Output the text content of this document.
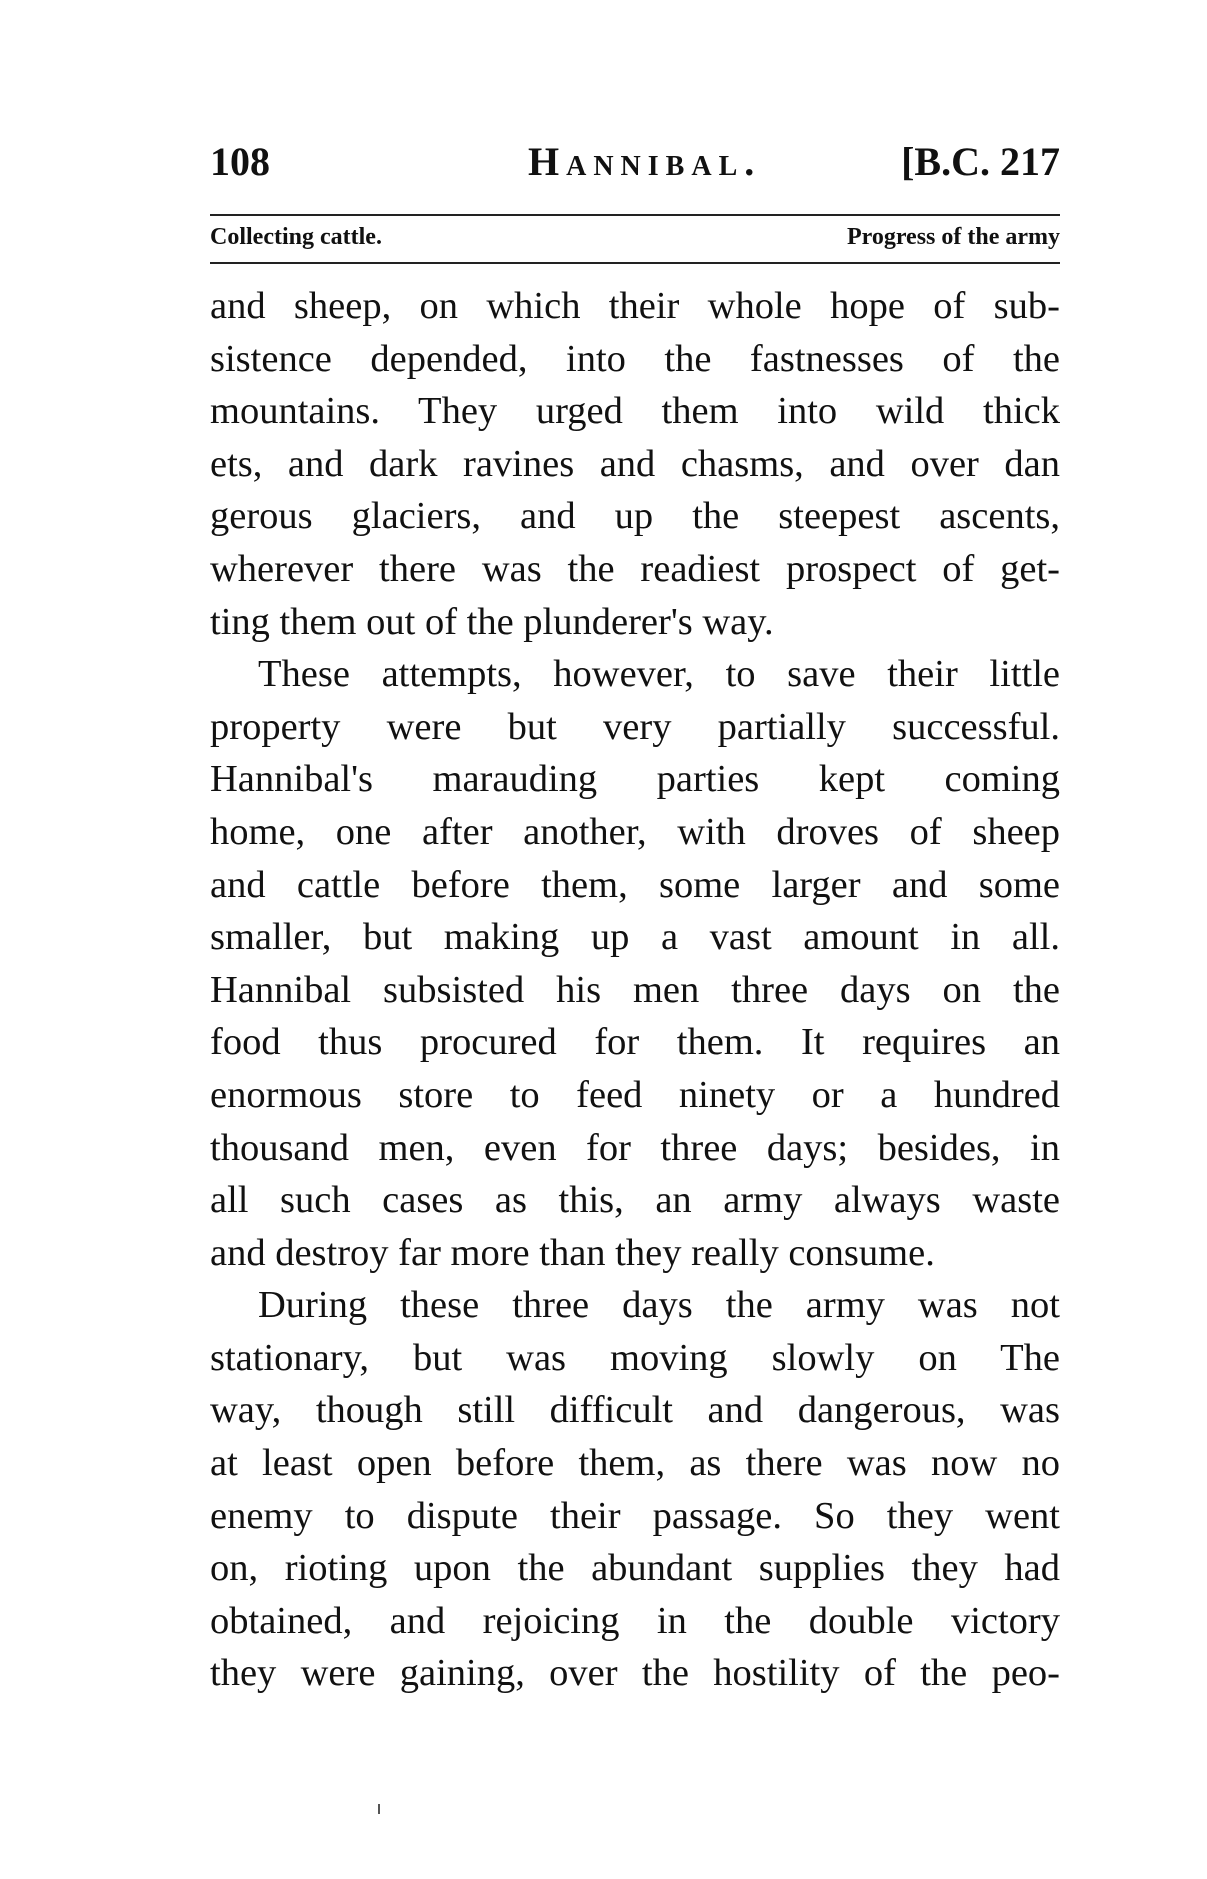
108	Hannibal.	[B.C. 217
Collecting cattle.	Progress of the army
and sheep, on which their whole hope of sub-
sistence depended, into the fastnesses of the
mountains. They urged them into wild thick
ets, and dark ravines and chasms, and over dan
gerous glaciers, and up the steepest ascents,
wherever there was the readiest prospect of get-
ting them out of the plunderer's way.
These attempts, however, to save their little
property were but very partially successful.
Hannibal's marauding parties kept coming
home, one after another, with droves of sheep
and cattle before them, some larger and some
smaller, but making up a vast amount in all.
Hannibal subsisted his men three days on the
food thus procured for them. It requires an
enormous store to feed ninety or a hundred
thousand men, even for three days; besides, in
all such cases as this, an army always waste
and destroy far more than they really consume.
During these three days the army was not
stationary, but was moving slowly on The
way, though still difficult and dangerous, was
at least open before them, as there was now no
enemy to dispute their passage. So they went
on, rioting upon the abundant supplies they had
obtained, and rejoicing in the double victory
they were gaining, over the hostility of the peo-
